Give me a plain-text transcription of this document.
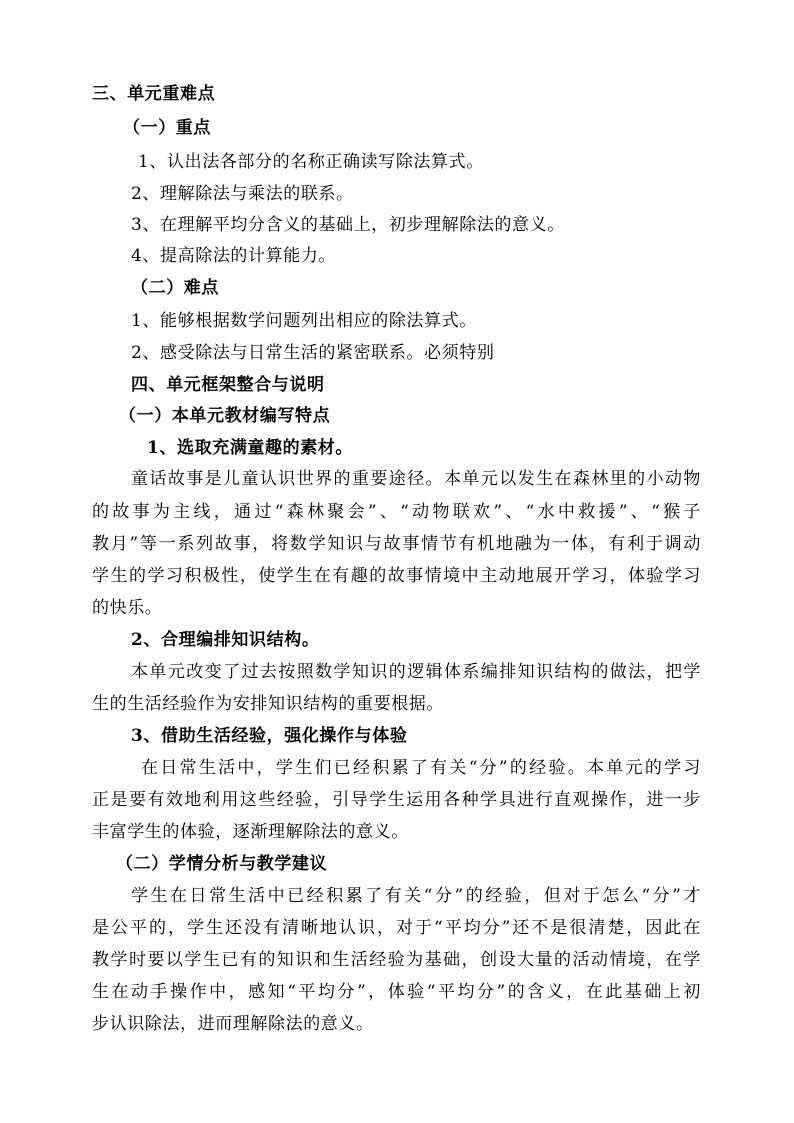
三、单元重难点
（一）重点
1、认出法各部分的名称正确读写除法算式。
2、理解除法与乘法的联系。
3、在理解平均分含义的基础上，初步理解除法的意义。
4、提高除法的计算能力。
（二）难点
1、能够根据数学问题列出相应的除法算式。
2、感受除法与日常生活的紧密联系。必须特别
四、单元框架整合与说明
（一）本单元教材编写特点
1、选取充满童趣的素材。
童话故事是儿童认识世界的重要途径。本单元以发生在森林里的小动物
的故事为主线，通过“森林聚会”、“动物联欢”、“水中救援”、“猴子
教月”等一系列故事，将数学知识与故事情节有机地融为一体，有利于调动
学生的学习积极性，使学生在有趣的故事情境中主动地展开学习，体验学习
的快乐。
2、合理编排知识结构。
本单元改变了过去按照数学知识的逻辑体系编排知识结构的做法，把学
生的生活经验作为安排知识结构的重要根据。
3、借助生活经验，强化操作与体验
在日常生活中，学生们已经积累了有关“分”的经验。本单元的学习
正是要有效地利用这些经验，引导学生运用各种学具进行直观操作，进一步
丰富学生的体验，逐渐理解除法的意义。
（二）学情分析与教学建议
学生在日常生活中已经积累了有关“分”的经验，但对于怎么“分”才
是公平的，学生还没有清晰地认识，对于“平均分”还不是很清楚，因此在
教学时要以学生已有的知识和生活经验为基础，创设大量的活动情境，在学
生在动手操作中，感知“平均分”，体验“平均分”的含义，在此基础上初
步认识除法，进而理解除法的意义。
